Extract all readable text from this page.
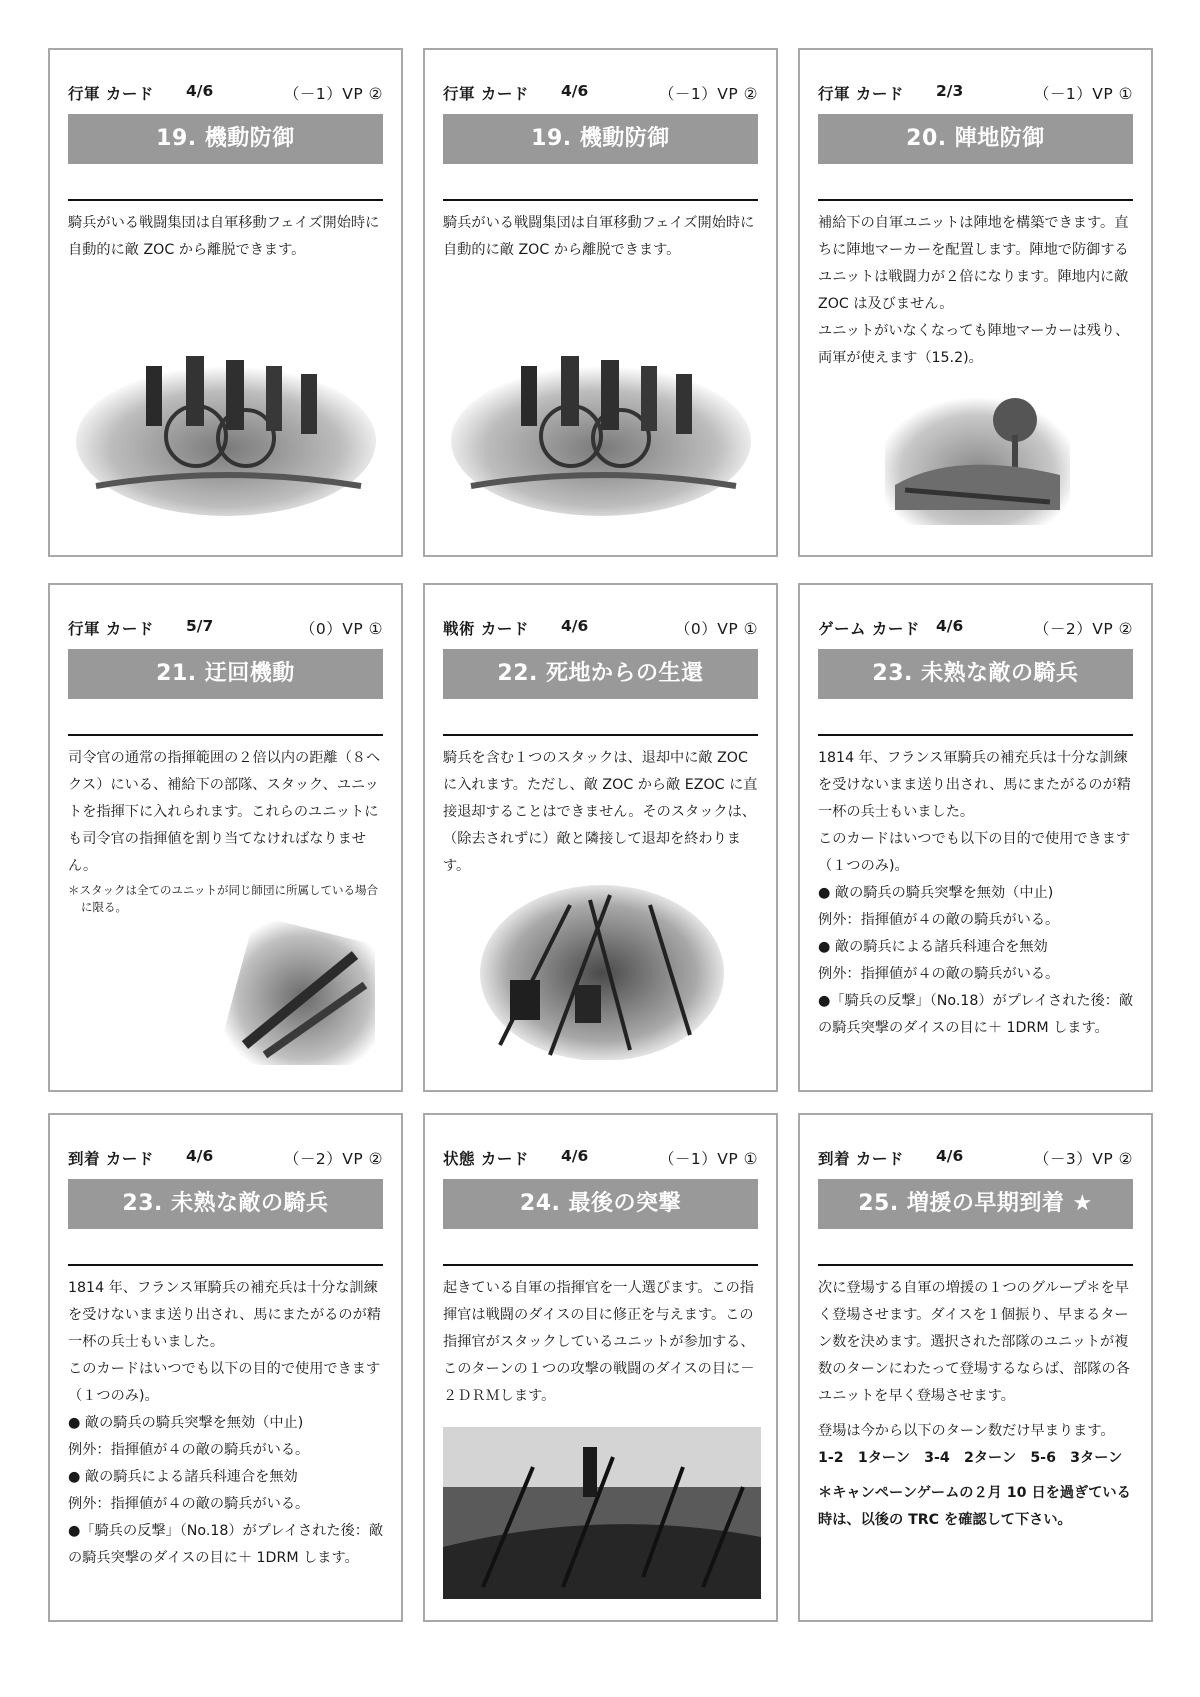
行軍 カード 4/6	（－1）VP ②
19. 機動防御

騎兵がいる戦闘集団は自軍移動フェイズ開始時に自動的に敵 ZOC から離脱できます。

行軍 カード 4/6	（－1）VP ②
19. 機動防御

騎兵がいる戦闘集団は自軍移動フェイズ開始時に自動的に敵 ZOC から離脱できます。

行軍 カード 2/3	（－1）VP ①
20. 陣地防御

補給下の自軍ユニットは陣地を構築できます。直ちに陣地マーカーを配置します。陣地で防御するユニットは戦闘力が２倍になります。陣地内に敵 ZOC は及びません。

ユニットがいなくなっても陣地マーカーは残り、両軍が使えます（15.2)。

行軍 カード 5/7	（0）VP ①
21. 迂回機動

司令官の通常の指揮範囲の２倍以内の距離（８ヘクス）にいる、補給下の部隊、スタック、ユニットを指揮下に入れられます。これらのユニットにも司令官の指揮値を割り当てなければなりません。

＊スタックは全てのユニットが同じ師団に所属している場合に限る。

戦術 カード 4/6	（0）VP ①
22. 死地からの生還

騎兵を含む１つのスタックは、退却中に敵 ZOC に入れます。ただし、敵 ZOC から敵 EZOC に直接退却することはできません。そのスタックは、（除去されずに）敵と隣接して退却を終わります。

ゲーム カード 4/6	（－2）VP ②
23. 未熟な敵の騎兵

1814 年、フランス軍騎兵の補充兵は十分な訓練を受けないまま送り出され、馬にまたがるのが精一杯の兵士もいました。

このカードはいつでも以下の目的で使用できます（１つのみ)。

● 敵の騎兵の騎兵突撃を無効（中止)

例外：指揮値が４の敵の騎兵がいる。

● 敵の騎兵による諸兵科連合を無効

例外：指揮値が４の敵の騎兵がいる。

●「騎兵の反撃」（No.18）がプレイされた後：敵の騎兵突撃のダイスの目に＋ 1DRM します。

到着 カード 4/6	（－2）VP ②
23. 未熟な敵の騎兵

1814 年、フランス軍騎兵の補充兵は十分な訓練を受けないまま送り出され、馬にまたがるのが精一杯の兵士もいました。

このカードはいつでも以下の目的で使用できます（１つのみ)。

● 敵の騎兵の騎兵突撃を無効（中止)

例外：指揮値が４の敵の騎兵がいる。

● 敵の騎兵による諸兵科連合を無効

例外：指揮値が４の敵の騎兵がいる。

●「騎兵の反撃」（No.18）がプレイされた後：敵の騎兵突撃のダイスの目に＋ 1DRM します。

状態 カード 4/6	（－1）VP ①
24. 最後の突撃

起きている自軍の指揮官を一人選びます。この指揮官は戦闘のダイスの目に修正を与えます。この指揮官がスタックしているユニットが参加する、このターンの１つの攻撃の戦闘のダイスの目に－２ＤＲＭします。

到着 カード 4/6	（－3）VP ②
25. 増援の早期到着 ★

次に登場する自軍の増援の１つのグループ＊を早く登場させます。ダイスを１個振り、早まるターン数を決めます。選択された部隊のユニットが複数のターンにわたって登場するならば、部隊の各ユニットを早く登場させます。

登場は今から以下のターン数だけ早まります。

1-2　1ターン　3-4　2ターン　5-6　3ターン

＊キャンペーンゲームの２月 10 日を過ぎている時は、以後の TRC を確認して下さい。
